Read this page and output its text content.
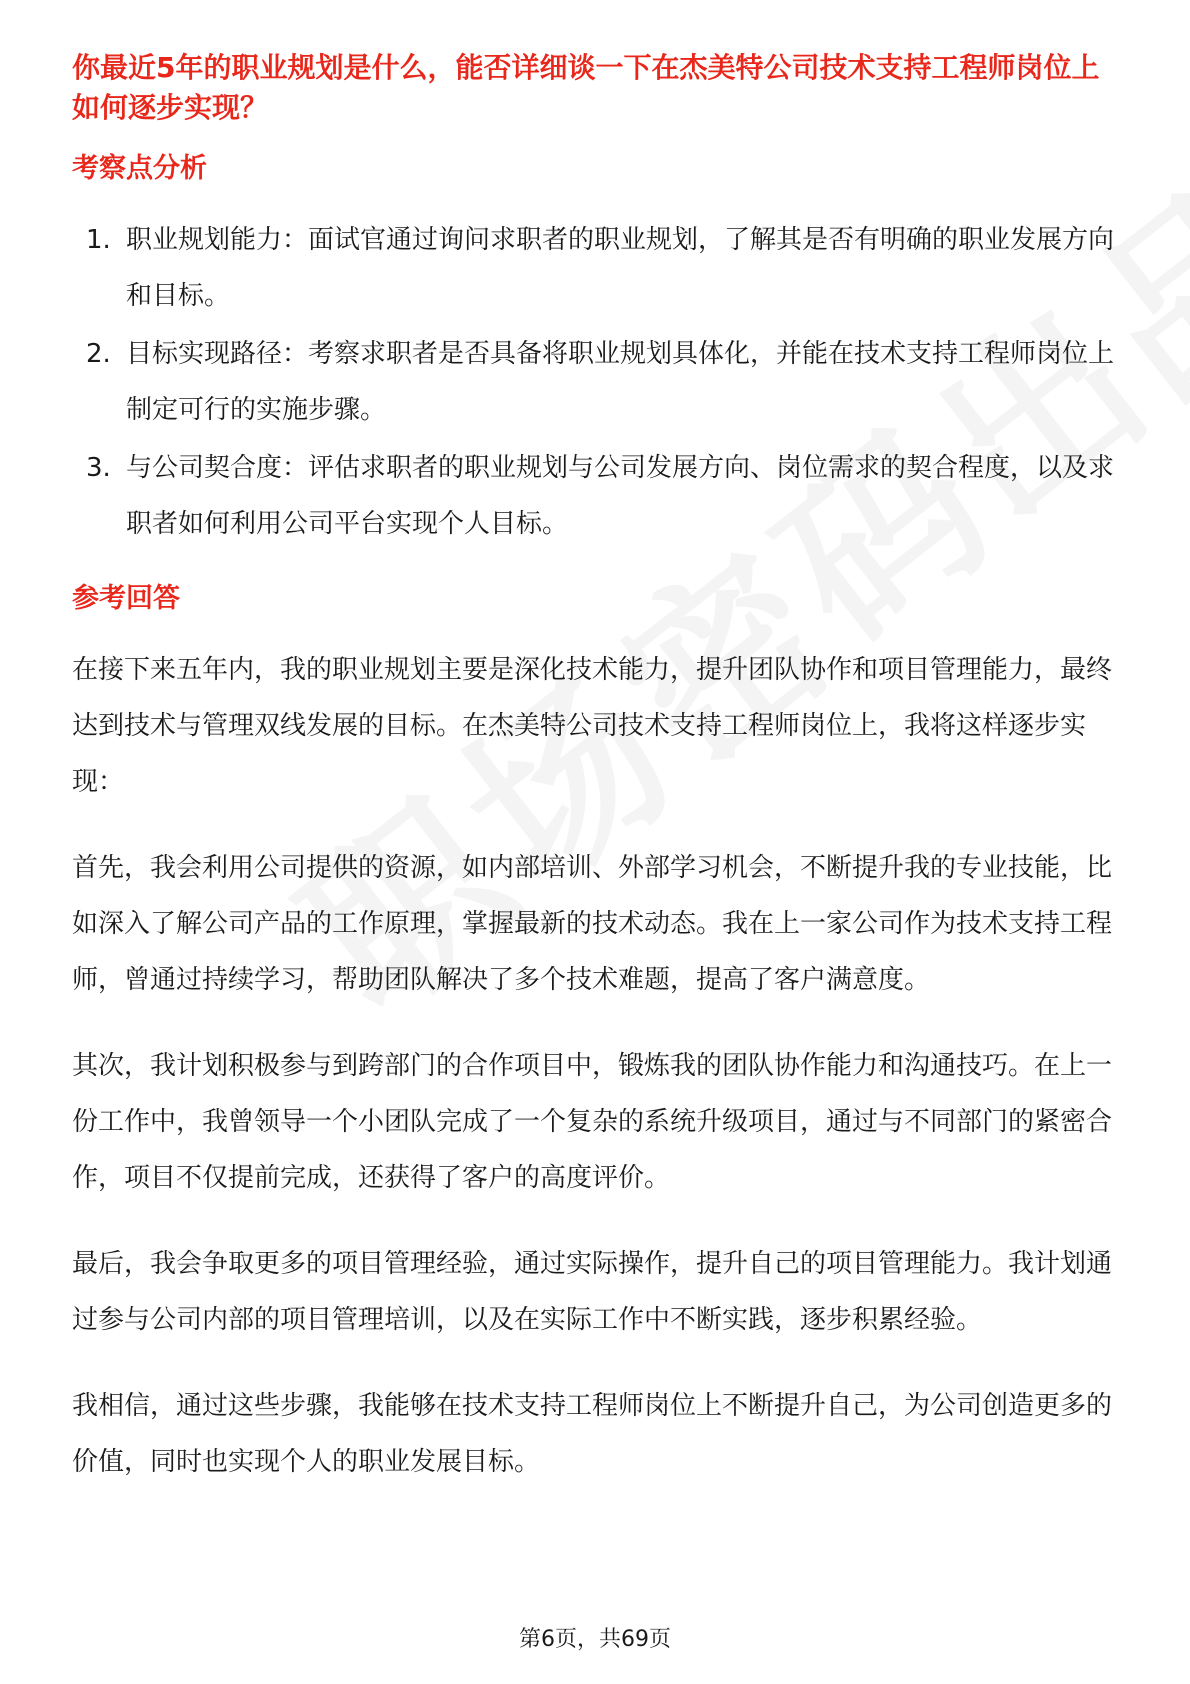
你最近5年的职业规划是什么，能否详细谈一下在杰美特公司技术支持工程师岗位上如何逐步实现？
考察点分析
1. 职业规划能力：面试官通过询问求职者的职业规划，了解其是否有明确的职业发展方向和目标。
2. 目标实现路径：考察求职者是否具备将职业规划具体化，并能在技术支持工程师岗位上制定可行的实施步骤。
3. 与公司契合度：评估求职者的职业规划与公司发展方向、岗位需求的契合程度，以及求职者如何利用公司平台实现个人目标。
参考回答

在接下来五年内，我的职业规划主要是深化技术能力，提升团队协作和项目管理能力，最终达到技术与管理双线发展的目标。在杰美特公司技术支持工程师岗位上，我将这样逐步实现：

首先，我会利用公司提供的资源，如内部培训、外部学习机会，不断提升我的专业技能，比如深入了解公司产品的工作原理，掌握最新的技术动态。我在上一家公司作为技术支持工程师，曾通过持续学习，帮助团队解决了多个技术难题，提高了客户满意度。

其次，我计划积极参与到跨部门的合作项目中，锻炼我的团队协作能力和沟通技巧。在上一份工作中，我曾领导一个小团队完成了一个复杂的系统升级项目，通过与不同部门的紧密合作，项目不仅提前完成，还获得了客户的高度评价。

最后，我会争取更多的项目管理经验，通过实际操作，提升自己的项目管理能力。我计划通过参与公司内部的项目管理培训，以及在实际工作中不断实践，逐步积累经验。

我相信，通过这些步骤，我能够在技术支持工程师岗位上不断提升自己，为公司创造更多的价值，同时也实现个人的职业发展目标。

第6页，共69页
